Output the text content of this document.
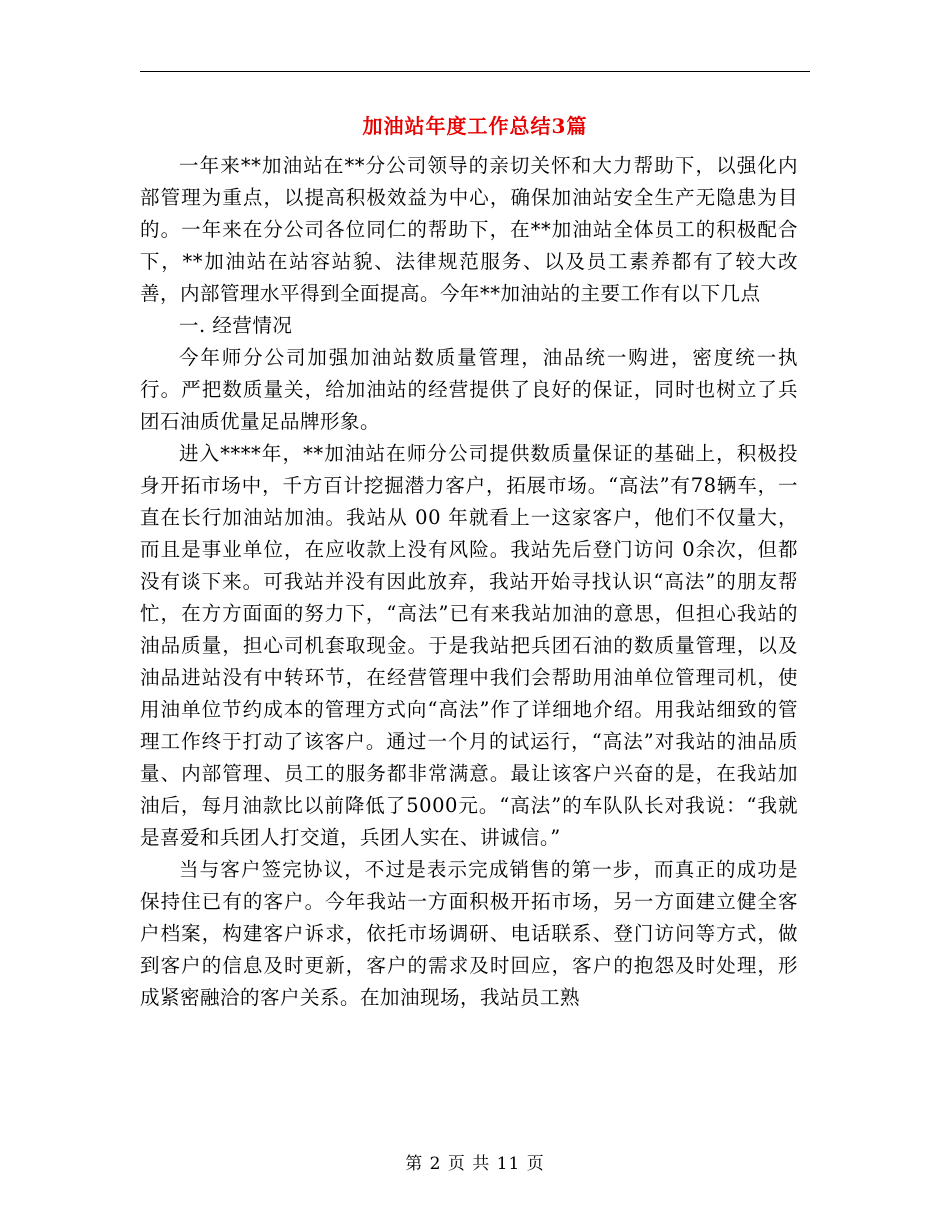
加油站年度工作总结3篇

一年来**加油站在**分公司领导的亲切关怀和大力帮助下，以强化内部管理为重点，以提高积极效益为中心，确保加油站安全生产无隐患为目的。一年来在分公司各位同仁的帮助下，在**加油站全体员工的积极配合下，**加油站在站容站貌、法律规范服务、以及员工素养都有了较大改善，内部管理水平得到全面提高。今年**加油站的主要工作有以下几点

一. 经营情况

今年师分公司加强加油站数质量管理，油品统一购进，密度统一执行。严把数质量关，给加油站的经营提供了良好的保证，同时也树立了兵团石油质优量足品牌形象。

进入****年，**加油站在师分公司提供数质量保证的基础上，积极投身开拓市场中，千方百计挖掘潜力客户，拓展市场。“高法”有78辆车，一直在长行加油站加油。我站从 00 年就看上一这家客户，他们不仅量大，而且是事业单位，在应收款上没有风险。我站先后登门访问 0余次，但都没有谈下来。可我站并没有因此放弃，我站开始寻找认识“高法”的朋友帮忙，在方方面面的努力下，“高法”已有来我站加油的意思，但担心我站的油品质量，担心司机套取现金。于是我站把兵团石油的数质量管理，以及油品进站没有中转环节，在经营管理中我们会帮助用油单位管理司机，使用油单位节约成本的管理方式向“高法”作了详细地介绍。用我站细致的管理工作终于打动了该客户。通过一个月的试运行，“高法”对我站的油品质量、内部管理、员工的服务都非常满意。最让该客户兴奋的是，在我站加油后，每月油款比以前降低了5000元。“高法”的车队队长对我说：“我就是喜爱和兵团人打交道，兵团人实在、讲诚信。”

当与客户签完协议，不过是表示完成销售的第一步，而真正的成功是保持住已有的客户。今年我站一方面积极开拓市场，另一方面建立健全客户档案，构建客户诉求，依托市场调研、电话联系、登门访问等方式，做到客户的信息及时更新，客户的需求及时回应，客户的抱怨及时处理，形成紧密融洽的客户关系。在加油现场，我站员工熟

第 2 页 共 11 页
